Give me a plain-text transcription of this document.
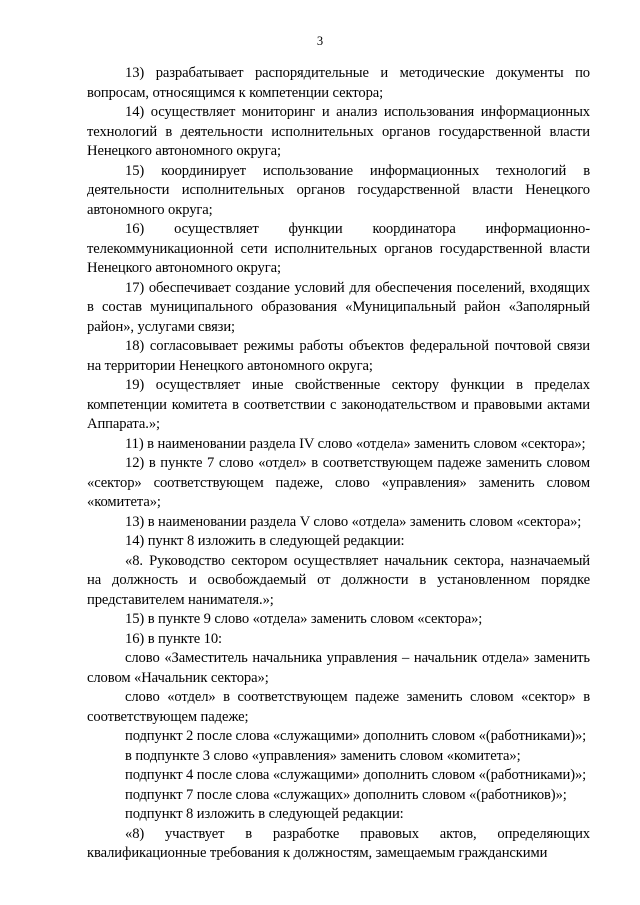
3

13) разрабатывает распорядительные и методические документы по вопросам, относящимся к компетенции сектора;

14) осуществляет мониторинг и анализ использования информационных технологий в деятельности исполнительных органов государственной власти Ненецкого автономного округа;

15) координирует использование информационных технологий в деятельности исполнительных органов государственной власти Ненецкого автономного округа;

16) осуществляет функции координатора информационно-телекоммуникационной сети исполнительных органов государственной власти Ненецкого автономного округа;

17) обеспечивает создание условий для обеспечения поселений, входящих в состав муниципального образования «Муниципальный район «Заполярный район», услугами связи;

18) согласовывает режимы работы объектов федеральной почтовой связи на территории Ненецкого автономного округа;

19) осуществляет иные свойственные сектору функции в пределах компетенции комитета в соответствии с законодательством и правовыми актами Аппарата.»;

11) в наименовании раздела IV слово «отдела» заменить словом «сектора»;

12) в пункте 7 слово «отдел» в соответствующем падеже заменить словом «сектор» соответствующем падеже, слово «управления» заменить словом «комитета»;

13) в наименовании раздела V слово «отдела» заменить словом «сектора»;

14) пункт 8 изложить в следующей редакции:

«8. Руководство сектором осуществляет начальник сектора, назначаемый на должность и освобождаемый от должности в установленном порядке представителем нанимателя.»;

15) в пункте 9 слово «отдела» заменить словом «сектора»;

16) в пункте 10:

слово «Заместитель начальника управления – начальник отдела» заменить словом «Начальник сектора»;

слово «отдел» в соответствующем падеже заменить словом «сектор» в соответствующем падеже;

подпункт 2 после слова «служащими» дополнить словом «(работниками)»;

в подпункте 3 слово «управления» заменить словом «комитета»;

подпункт 4 после слова «служащими» дополнить словом «(работниками)»;

подпункт 7 после слова «служащих» дополнить словом «(работников)»;

подпункт 8 изложить в следующей редакции:

«8) участвует в разработке правовых актов, определяющих квалификационные требования к должностям, замещаемым гражданскими
